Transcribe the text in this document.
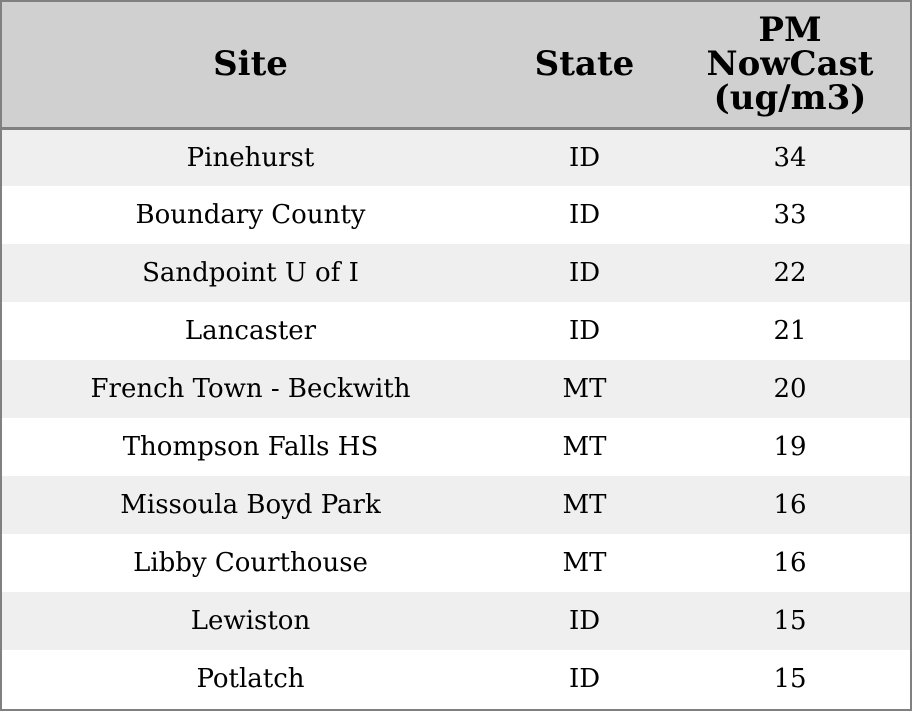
Site	State	PM
NowCast
(ug/m3)

Pinehurst	ID	34
Boundary County	ID	33
Sandpoint U of I	ID	22
Lancaster	ID	21
French Town - Beckwith	MT	20
Thompson Falls HS	MT	19
Missoula Boyd Park	MT	16
Libby Courthouse	MT	16
Lewiston	ID	15
Potlatch	ID	15
